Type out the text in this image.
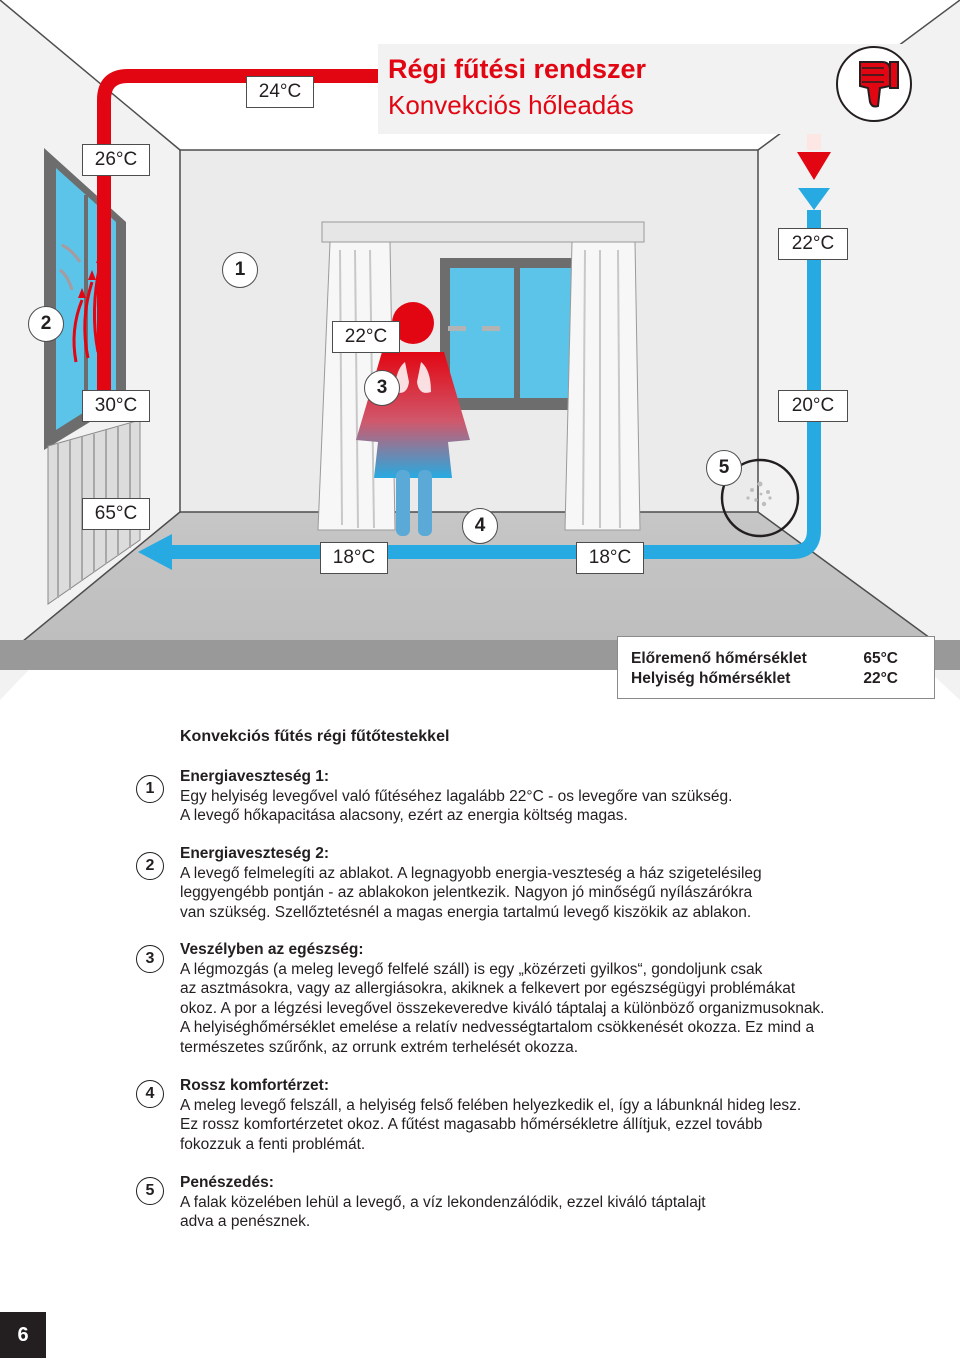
Régi fűtési rendszer
Konvekciós hőleadás
24°C
26°C
22°C
22°C
30°C	20°C
65°C
18°C	18°C
1
2
3
4
5
Előremenő hőmérséklet	65°C
Helyiség hőmérséklet	22°C
Konvekciós fűtés régi fűtőtestekkel
1
Energiaveszteség 1:
Egy helyiség levegővel való fűtéséhez lagalább 22°C - os levegőre van szükség.
A levegő hőkapacitása alacsony, ezért az energia költség magas.
2
Energiaveszteség 2:
A levegő felmelegíti az ablakot. A legnagyobb energia-veszteség a ház szigetelésileg
leggyengébb pontján - az ablakokon jelentkezik. Nagyon jó minőségű nyílászárókra
van szükség. Szellőztetésnél a magas energia tartalmú levegő kiszökik az ablakon.
3
Veszélyben az egészség:
A légmozgás (a meleg levegő felfelé száll) is egy „közérzeti gyilkos“, gondoljunk csak
az asztmásokra, vagy az allergiásokra, akiknek a felkevert por egészségügyi problémákat
okoz. A por a légzési levegővel összekeveredve kiváló táptalaj a különböző organizmusoknak.
A helyiséghőmérséklet emelése a relatív nedvességtartalom csökkenését okozza. Ez mind a
természetes szűrőnk, az orrunk extrém terhelését okozza.
4	Rossz komfortérzet:
A meleg levegő felszáll, a helyiség felső felében helyezkedik el, így a lábunknál hideg lesz.
Ez rossz komfortérzetet okoz. A fűtést magasabb hőmérsékletre állítjuk, ezzel tovább
fokozzuk a fenti problémát.
5	Penészedés:
A falak közelében lehül a levegő, a víz lekondenzálódik, ezzel kiváló táptalajt
adva a penésznek.
6
